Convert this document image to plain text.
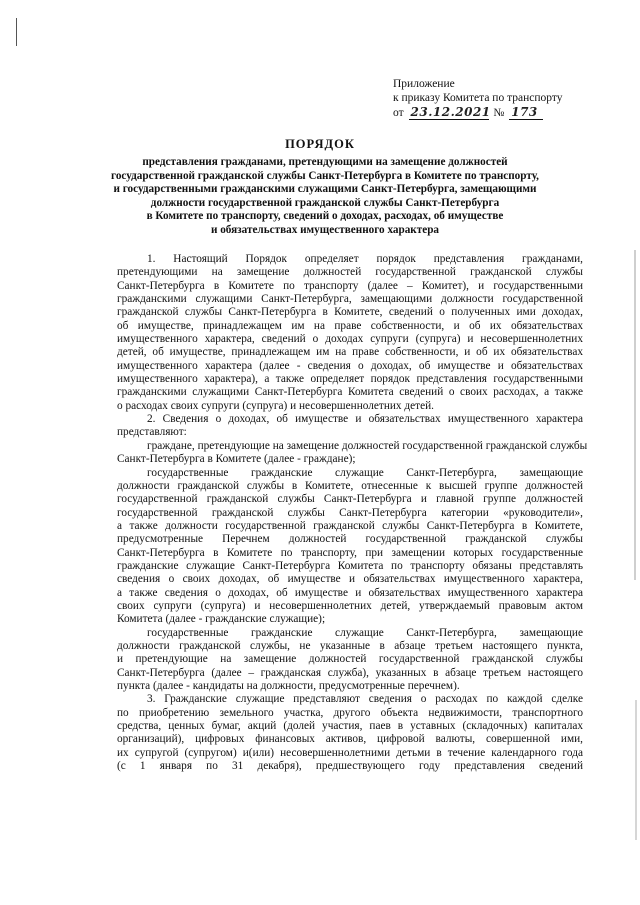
Приложение
к приказу Комитета по транспорту
от 23.12.2021 № 173
ПОРЯДОК
представления гражданами, претендующими на замещение должностей
государственной гражданской службы Санкт-Петербурга в Комитете по транспорту,
и государственными гражданскими служащими Санкт-Петербурга, замещающими
должности государственной гражданской службы Санкт-Петербурга
в Комитете по транспорту, сведений о доходах, расходах, об имуществе
и обязательствах имущественного характера
1. Настоящий Порядок определяет порядок представления гражданами,
претендующими на замещение должностей государственной гражданской службы
Санкт-Петербурга в Комитете по транспорту (далее – Комитет), и государственными
гражданскими служащими Санкт-Петербурга, замещающими должности государственной
гражданской службы Санкт-Петербурга в Комитете, сведений о полученных ими доходах,
об имуществе, принадлежащем им на праве собственности, и об их обязательствах
имущественного характера, сведений о доходах супруги (супруга) и несовершеннолетних
детей, об имуществе, принадлежащем им на праве собственности, и об их обязательствах
имущественного характера (далее - сведения о доходах, об имуществе и обязательствах
имущественного характера), а также определяет порядок представления государственными
гражданскими служащими Санкт-Петербурга Комитета сведений о своих расходах, а также
о расходах своих супруги (супруга) и несовершеннолетних детей.
2. Сведения о доходах, об имуществе и обязательствах имущественного характера
представляют:
граждане, претендующие на замещение должностей государственной гражданской службы
Санкт-Петербурга в Комитете (далее - граждане);
государственные гражданские служащие Санкт-Петербурга, замещающие
должности гражданской службы в Комитете, отнесенные к высшей группе должностей
государственной гражданской службы Санкт-Петербурга и главной группе должностей
государственной гражданской службы Санкт-Петербурга категории «руководители»,
а также должности государственной гражданской службы Санкт-Петербурга в Комитете,
предусмотренные Перечнем должностей государственной гражданской службы
Санкт-Петербурга в Комитете по транспорту, при замещении которых государственные
гражданские служащие Санкт-Петербурга Комитета по транспорту обязаны представлять
сведения о своих доходах, об имуществе и обязательствах имущественного характера,
а также сведения о доходах, об имуществе и обязательствах имущественного характера
своих супруги (супруга) и несовершеннолетних детей, утверждаемый правовым актом
Комитета (далее - гражданские служащие);
государственные гражданские служащие Санкт-Петербурга, замещающие
должности гражданской службы, не указанные в абзаце третьем настоящего пункта,
и претендующие на замещение должностей государственной гражданской службы
Санкт-Петербурга (далее – гражданская служба), указанных в абзаце третьем настоящего
пункта (далее - кандидаты на должности, предусмотренные перечнем).
3. Гражданские служащие представляют сведения о расходах по каждой сделке
по приобретению земельного участка, другого объекта недвижимости, транспортного
средства, ценных бумаг, акций (долей участия, паев в уставных (складочных) капиталах
организаций), цифровых финансовых активов, цифровой валюты, совершенной ими,
их супругой (супругом) и(или) несовершеннолетними детьми в течение календарного года
(с 1 января по 31 декабря), предшествующего году представления сведений
